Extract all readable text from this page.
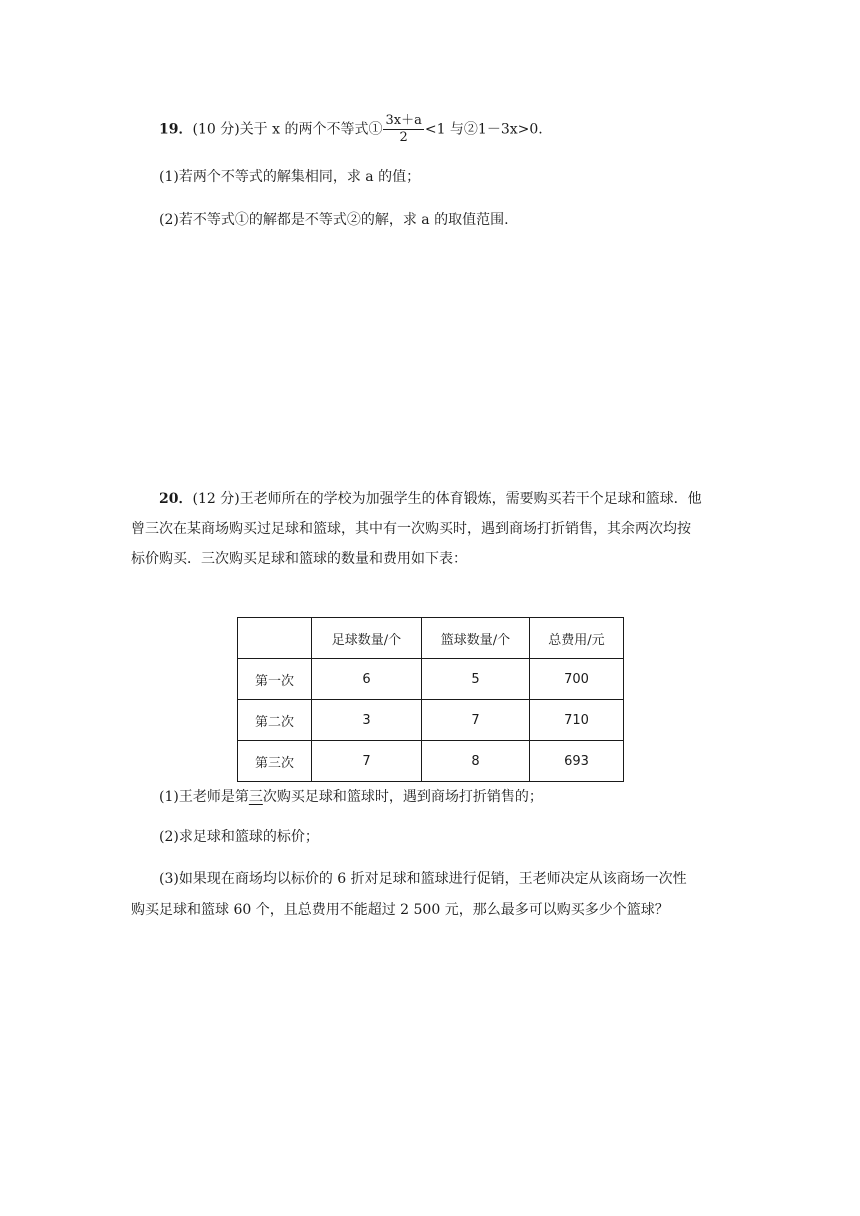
19．(10 分)关于 x 的两个不等式① $\frac{3x+a}{2} <1$ 与②1－3x>0.
(1)若两个不等式的解集相同，求 a 的值；
(2)若不等式①的解都是不等式②的解，求 a 的取值范围.
20．(12 分)王老师所在的学校为加强学生的体育锻炼，需要购买若干个足球和篮球．他
曾三次在某商场购买过足球和篮球，其中有一次购买时，遇到商场打折销售，其余两次均按
标价购买．三次购买足球和篮球的数量和费用如下表：
	足球数量/个	篮球数量/个	总费用/元
第一次	6	5	700
第二次	3	7	710
第三次	7	8	693
(1)王老师是第三次购买足球和篮球时，遇到商场打折销售的；
(2)求足球和篮球的标价；
(3)如果现在商场均以标价的 6 折对足球和篮球进行促销，王老师决定从该商场一次性
购买足球和篮球 60 个，且总费用不能超过 2 500 元，那么最多可以购买多少个篮球？
